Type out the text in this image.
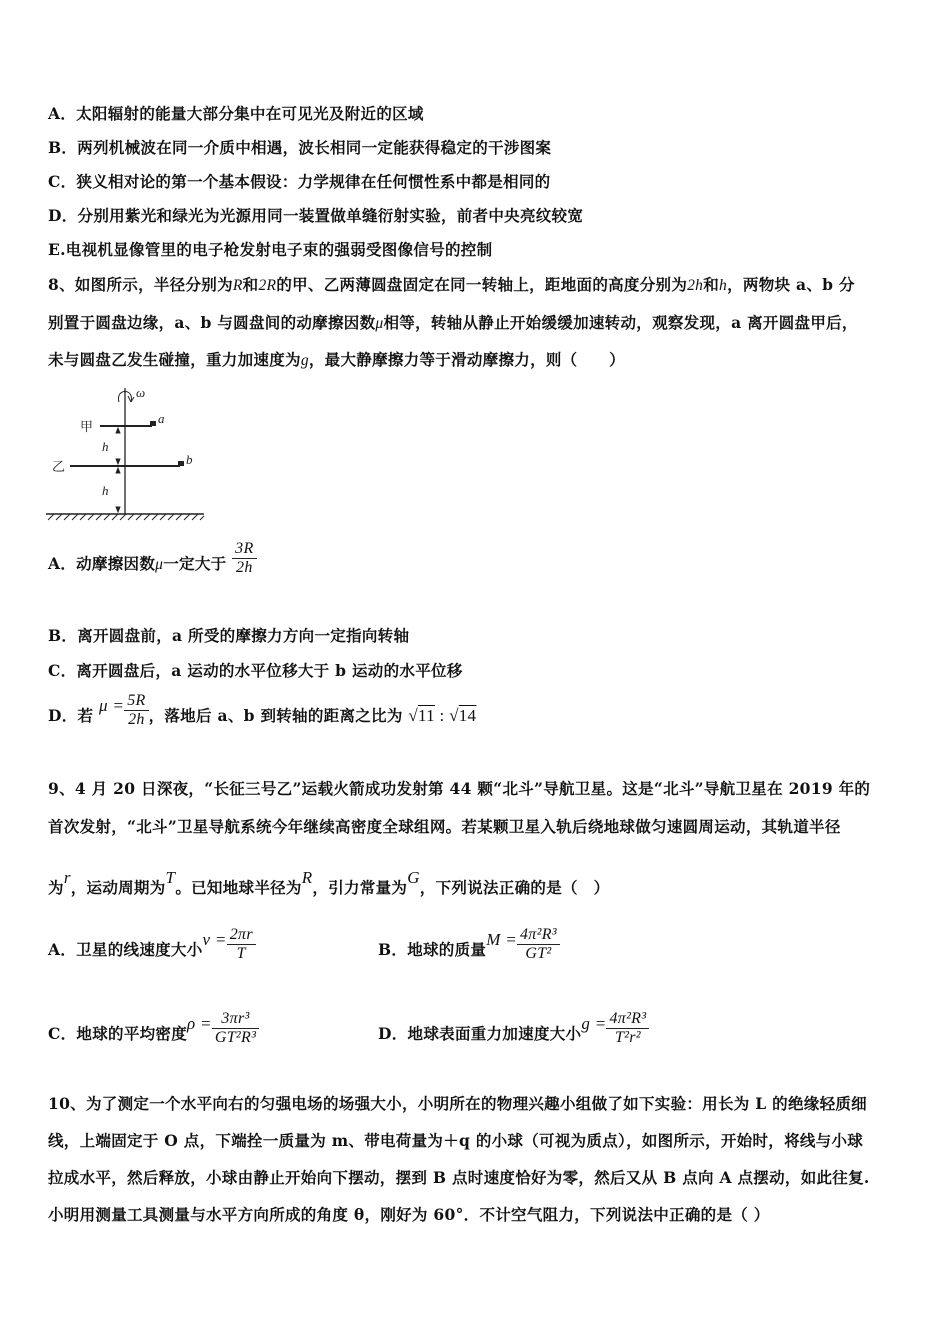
A．太阳辐射的能量大部分集中在可见光及附近的区域
B．两列机械波在同一介质中相遇，波长相同一定能获得稳定的干涉图案
C．狭义相对论的第一个基本假设：力学规律在任何惯性系中都是相同的
D．分别用紫光和绿光为光源用同一装置做单缝衍射实验，前者中央亮纹较宽
E.电视机显像管里的电子枪发射电子束的强弱受图像信号的控制
8、如图所示，半径分别为R和2R的甲、乙两薄圆盘固定在同一转轴上，距地面的高度分别为2h和h，两物块 a、b 分
别置于圆盘边缘，a、b 与圆盘间的动摩擦因数μ相等，转轴从静止开始缓缓加速转动，观察发现，a 离开圆盘甲后，
未与圆盘乙发生碰撞，重力加速度为g，最大静摩擦力等于滑动摩擦力，则（　　）
ω
a
甲
b
乙
h
h
A．动摩擦因数μ一定大于 $\frac{3R}{2h}$
B．离开圆盘前，a 所受的摩擦力方向一定指向转轴
C．离开圆盘后，a 运动的水平位移大于 b 运动的水平位移
D．若 $\mu = \frac{5R}{2h}$ ，落地后 a、b 到转轴的距离之比为 √11 : √14
9、4 月 20 日深夜，“长征三号乙”运载火箭成功发射第 44 颗“北斗”导航卫星。这是“北斗”导航卫星在 2019 年的
首次发射，“北斗”卫星导航系统今年继续高密度全球组网。若某颗卫星入轨后绕地球做匀速圆周运动，其轨道半径
为r，运动周期为T。已知地球半径为R，引力常量为G，下列说法正确的是（　）
A．卫星的线速度大小$v = \frac{2\pi r}{T}$	B．地球的质量$M = \frac{\text{4π²R³}}{\text{GT²}}$
C．地球的平均密度$\rho = \frac{\text{3πr³}}{\text{GT²R³}}$	D．地球表面重力加速度大小$g = \frac{\text{4π²R³}}{\text{T²r²}}$
10、为了测定一个水平向右的匀强电场的场强大小，小明所在的物理兴趣小组做了如下实验：用长为 L 的绝缘轻质细
线，上端固定于 O 点，下端拴一质量为 m、带电荷量为＋q 的小球（可视为质点），如图所示，开始时，将线与小球
拉成水平，然后释放，小球由静止开始向下摆动，摆到 B 点时速度恰好为零，然后又从 B 点向 A 点摆动，如此往复.
小明用测量工具测量与水平方向所成的角度 θ，刚好为 60°．不计空气阻力，下列说法中正确的是（ ）
